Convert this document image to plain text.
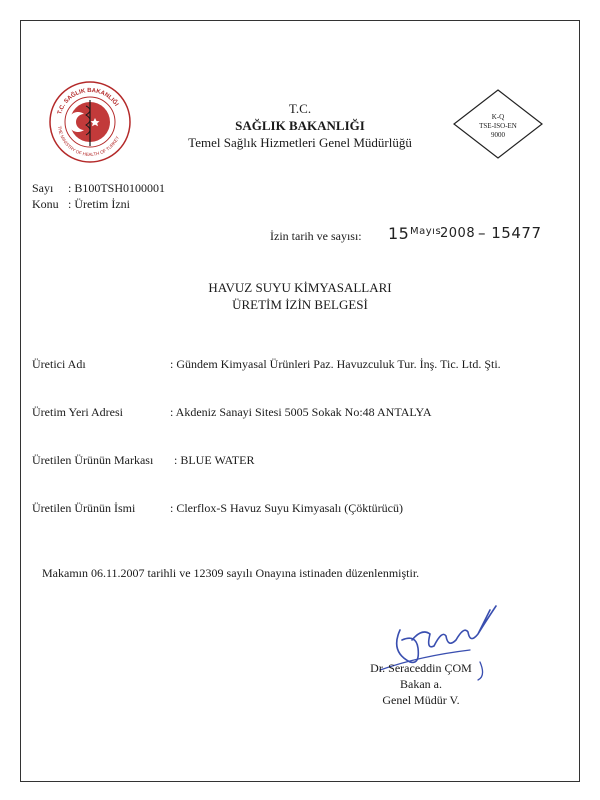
T.C. SAĞLIK BAKANLIĞI
THE MINISTRY OF HEALTH OF TURKEY
T.C.
SAĞLIK BAKANLIĞI
Temel Sağlık Hizmetleri Genel Müdürlüğü
K-Q
TSE-ISO-EN
9000
Sayı : B100TSH0100001
Konu : Üretim İzni
İzin tarih ve sayısı: 15 Mayıs
2008 – 15477
HAVUZ SUYU KİMYASALLARI
ÜRETİM İZİN BELGESİ
Üretici Adı	: Gündem Kimyasal Ürünleri Paz. Havuzculuk Tur. İnş. Tic. Ltd. Şti.
Üretim Yeri Adresi	: Akdeniz Sanayi Sitesi 5005 Sokak No:48 ANTALYA
Üretilen Ürünün Markası : BLUE WATER
Üretilen Ürünün İsmi	: Clerflox-S Havuz Suyu Kimyasalı (Çöktürücü)
Makamın 06.11.2007 tarihli ve 12309 sayılı Onayına istinaden düzenlenmiştir.
Dr. Seraceddin ÇOM
Bakan a.
Genel Müdür V.
